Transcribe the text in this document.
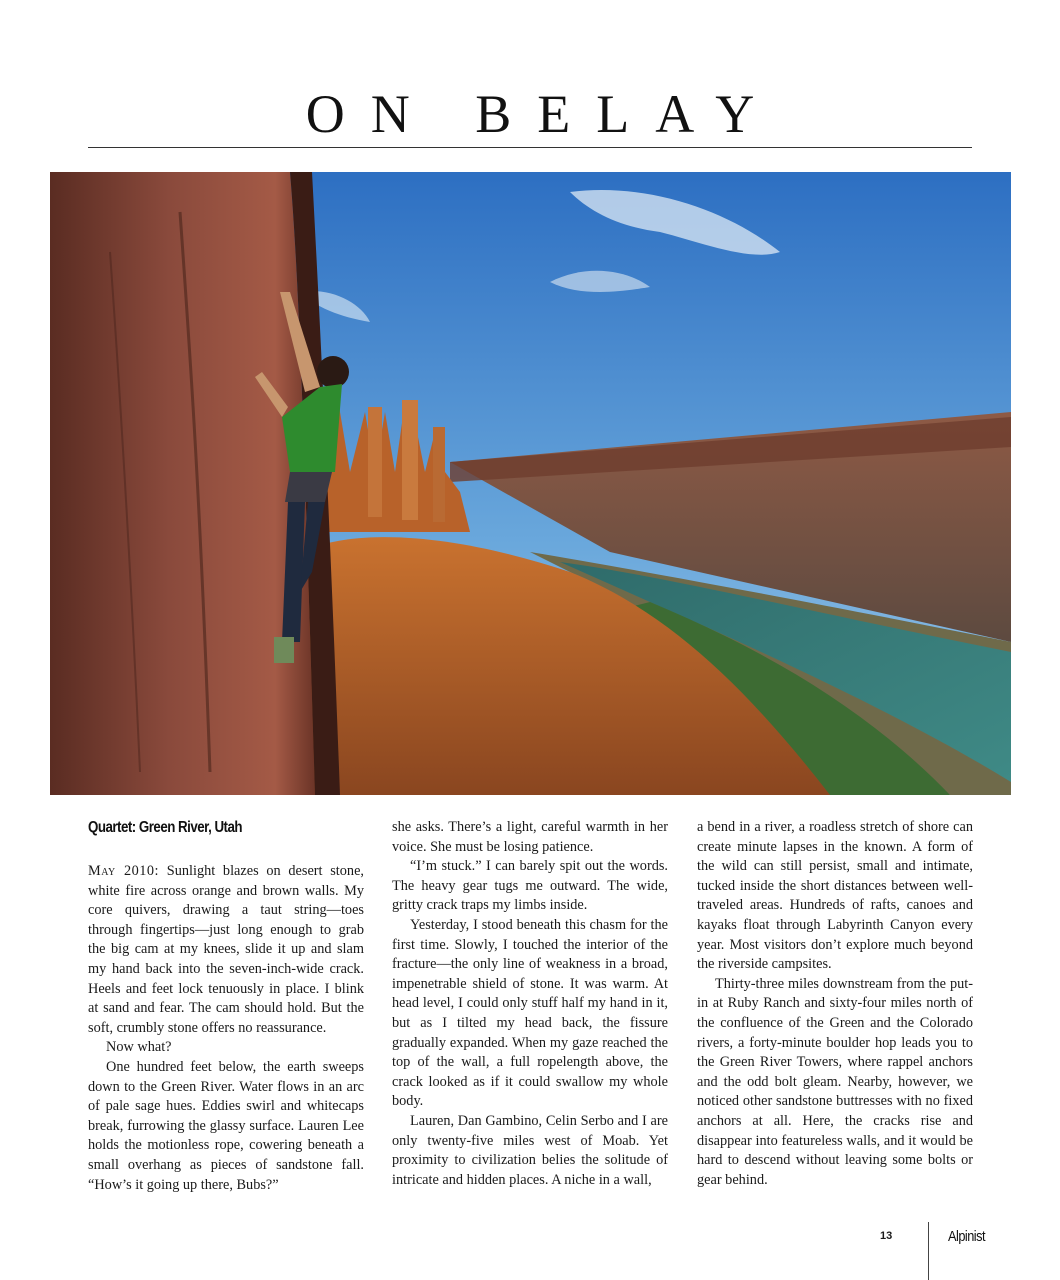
ON BELAY
Quartet: Green River, Utah

May 2010: Sunlight blazes on desert stone, white fire across orange and brown walls. My core quivers, drawing a taut string—toes through fingertips—just long enough to grab the big cam at my knees, slide it up and slam my hand back into the seven-inch-wide crack. Heels and feet lock tenuously in place. I blink at sand and fear. The cam should hold. But the soft, crumbly stone offers no reassurance.

Now what?

One hundred feet below, the earth sweeps down to the Green River. Water flows in an arc of pale sage hues. Eddies swirl and whitecaps break, furrowing the glassy surface. Lauren Lee holds the motionless rope, cowering beneath a small overhang as pieces of sandstone fall. “How’s it going up there, Bubs?”

she asks. There’s a light, careful warmth in her voice. She must be losing patience.

“I’m stuck.” I can barely spit out the words. The heavy gear tugs me outward. The wide, gritty crack traps my limbs inside.

Yesterday, I stood beneath this chasm for the first time. Slowly, I touched the interior of the fracture—the only line of weakness in a broad, impenetrable shield of stone. It was warm. At head level, I could only stuff half my hand in it, but as I tilted my head back, the fissure gradually expanded. When my gaze reached the top of the wall, a full ropelength above, the crack looked as if it could swallow my whole body.

Lauren, Dan Gambino, Celin Serbo and I are only twenty-five miles west of Moab. Yet proximity to civilization belies the solitude of intricate and hidden places. A niche in a wall,

a bend in a river, a roadless stretch of shore can create minute lapses in the known. A form of the wild can still persist, small and intimate, tucked inside the short distances between well-traveled areas. Hundreds of rafts, canoes and kayaks float through Labyrinth Canyon every year. Most visitors don’t explore much beyond the riverside campsites.

Thirty-three miles downstream from the put-in at Ruby Ranch and sixty-four miles north of the confluence of the Green and the Colorado rivers, a forty-minute boulder hop leads you to the Green River Towers, where rappel anchors and the odd bolt gleam. Nearby, however, we noticed other sandstone buttresses with no fixed anchors at all. Here, the cracks rise and disappear into featureless walls, and it would be hard to descend without leaving some bolts or gear behind.

13	Alpinist
